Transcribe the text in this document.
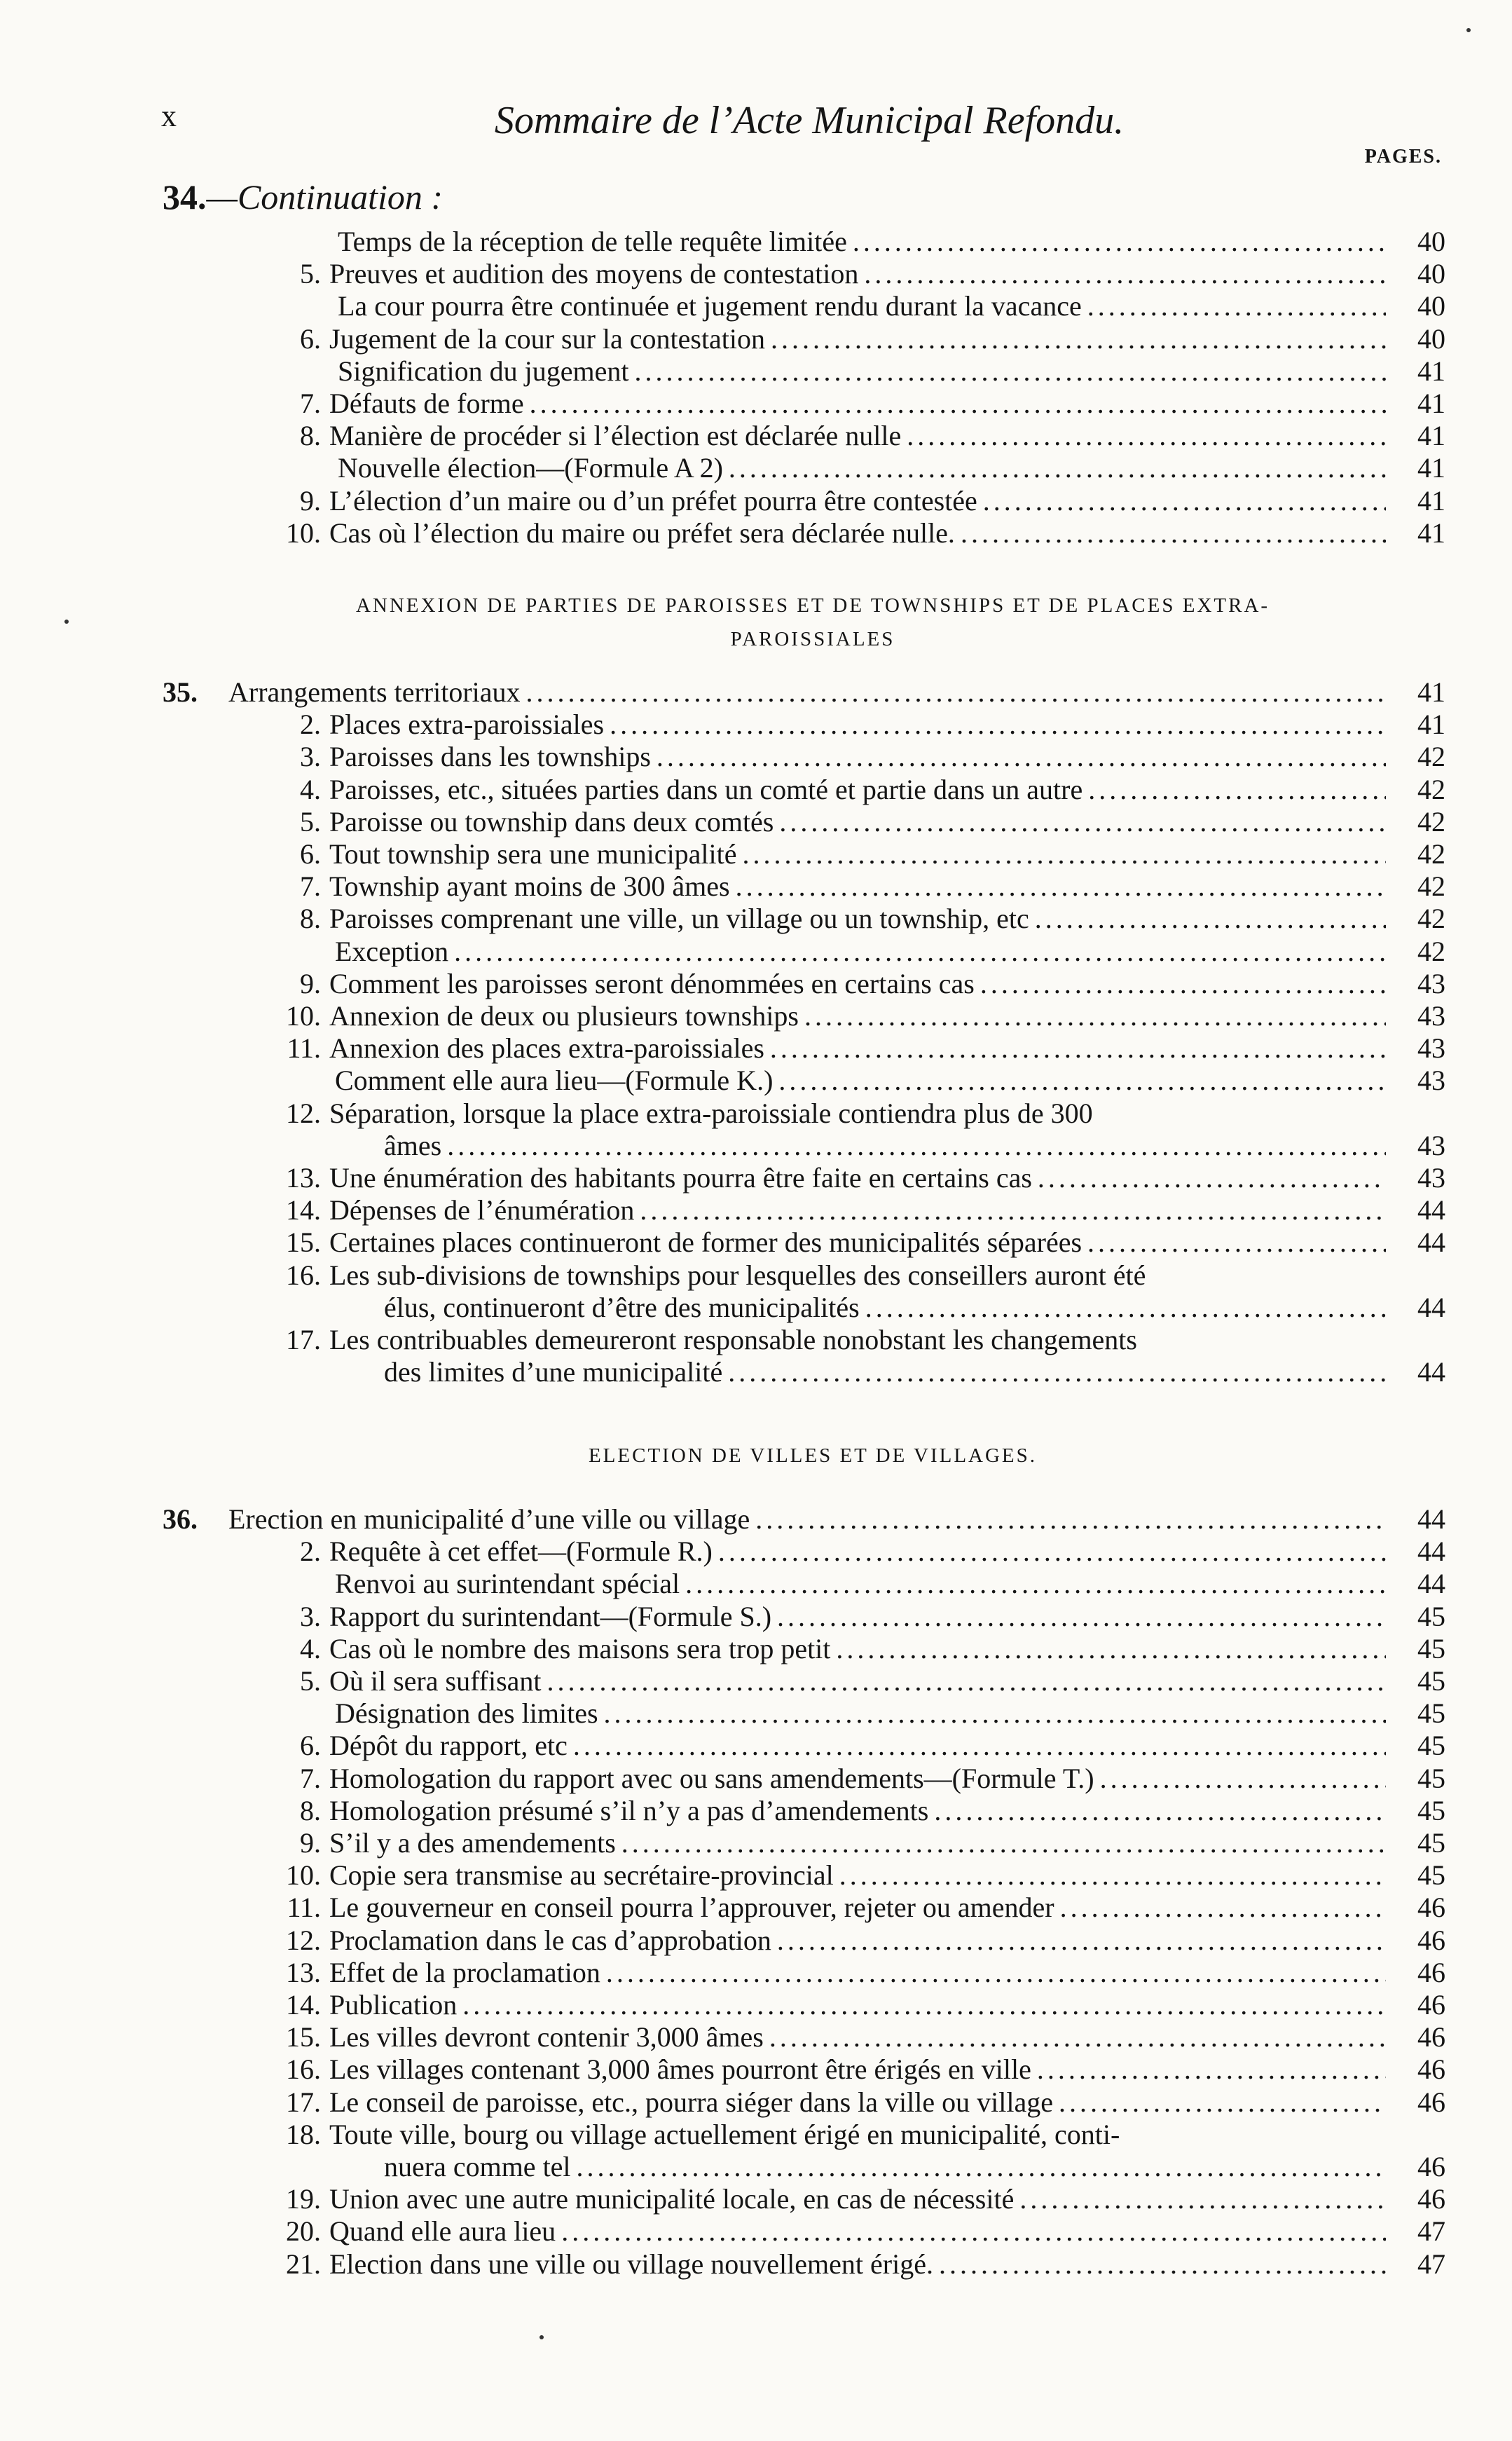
x	Sommaire de l’Acte Municipal Refondu.
PAGES.
34.—Continuation :
Temps de la réception de telle requête limitée .....	40
5. Preuves et audition des moyens de contestation .....	40
La cour pourra être continuée et jugement rendu durant la vacance .....	40
6. Jugement de la cour sur la contestation .....	40
Signification du jugement .....	41
7. Défauts de forme .....	41
8. Manière de procéder si l’élection est déclarée nulle .....	41
Nouvelle élection—(Formule A 2) .....	41
9. L’élection d’un maire ou d’un préfet pourra être contestée .....	41
10. Cas où l’élection du maire ou préfet sera déclarée nulle. .....	41
ANNEXION DE PARTIES DE PAROISSES ET DE TOWNSHIPS ET DE PLACES EXTRA-
PAROISSIALES
35. Arrangements territoriaux .....	41
2. Places extra-paroissiales .....	41
3. Paroisses dans les townships .....	42
4. Paroisses, etc., situées parties dans un comté et partie dans un autre .....	42
5. Paroisse ou township dans deux comtés .....	42
6. Tout township sera une municipalité .....	42
7. Township ayant moins de 300 âmes .....	42
8. Paroisses comprenant une ville, un village ou un township, etc .....	42
Exception .....	42
9. Comment les paroisses seront dénommées en certains cas .....	43
10. Annexion de deux ou plusieurs townships .....	43
11. Annexion des places extra-paroissiales .....	43
Comment elle aura lieu—(Formule K.) .....	43
12. Séparation, lorsque la place extra-paroissiale contiendra plus de 300
âmes .....	43
13. Une énumération des habitants pourra être faite en certains cas .....	43
14. Dépenses de l’énumération .....	44
15. Certaines places continueront de former des municipalités séparées .....	44
16. Les sub-divisions de townships pour lesquelles des conseillers auront été
élus, continueront d’être des municipalités .....	44
17. Les contribuables demeureront responsable nonobstant les changements
des limites d’une municipalité .....	44
ELECTION DE VILLES ET DE VILLAGES.
36. Erection en municipalité d’une ville ou village .....	44
2. Requête à cet effet—(Formule R.) .....	44
Renvoi au surintendant spécial .....	44
3. Rapport du surintendant—(Formule S.) .....	45
4. Cas où le nombre des maisons sera trop petit .....	45
5. Où il sera suffisant .....	45
Désignation des limites .....	45
6. Dépôt du rapport, etc .....	45
7. Homologation du rapport avec ou sans amendements—(Formule T.) .....	45
8. Homologation présumé s’il n’y a pas d’amendements .....	45
9. S’il y a des amendements .....	45
10. Copie sera transmise au secrétaire-provincial .....	45
11. Le gouverneur en conseil pourra l’approuver, rejeter ou amender .....	46
12. Proclamation dans le cas d’approbation .....	46
13. Effet de la proclamation .....	46
14. Publication .....	46
15. Les villes devront contenir 3,000 âmes .....	46
16. Les villages contenant 3,000 âmes pourront être érigés en ville .....	46
17. Le conseil de paroisse, etc., pourra siéger dans la ville ou village .....	46
18. Toute ville, bourg ou village actuellement érigé en municipalité, conti-
nuera comme tel .....	46
19. Union avec une autre municipalité locale, en cas de nécessité .....	46
20. Quand elle aura lieu .....	47
21. Election dans une ville ou village nouvellement érigé. .....	47
